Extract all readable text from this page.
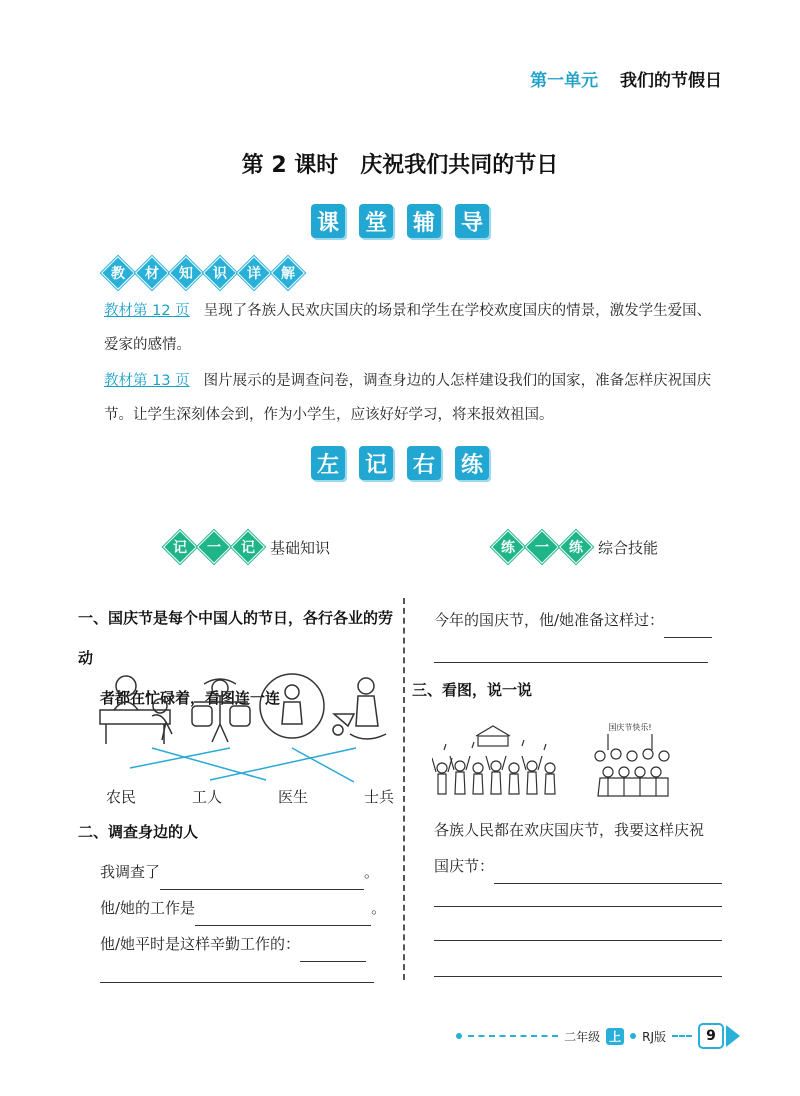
第一单元 我们的节假日
第 2 课时　庆祝我们共同的节日
课 堂 辅 导
教 材 知 识 详 解
教材第 12 页 呈现了各族人民欢庆国庆的场景和学生在学校欢度国庆的情景，激发学生爱国、爱家的感情。
教材第 13 页 图片展示的是调查问卷，调查身边的人怎样建设我们的国家，准备怎样庆祝国庆节。让学生深刻体会到，作为小学生，应该好好学习，将来报效祖国。
左 记 右 练
记 一 记 基础知识	练 一 练 综合技能
一、国庆节是每个中国人的节日，各行各业的劳动
者都在忙碌着，看图连一连
农民	工人	医生	士兵
二、调查身边的人
我调查了	。
他/她的工作是	。
他/她平时是这样辛勤工作的：
今年的国庆节，他/她准备这样过：
三、看图，说一说
国庆节快乐!
各族人民都在欢庆国庆节，我要这样庆祝
国庆节：
二年级 上 RJ版	9
